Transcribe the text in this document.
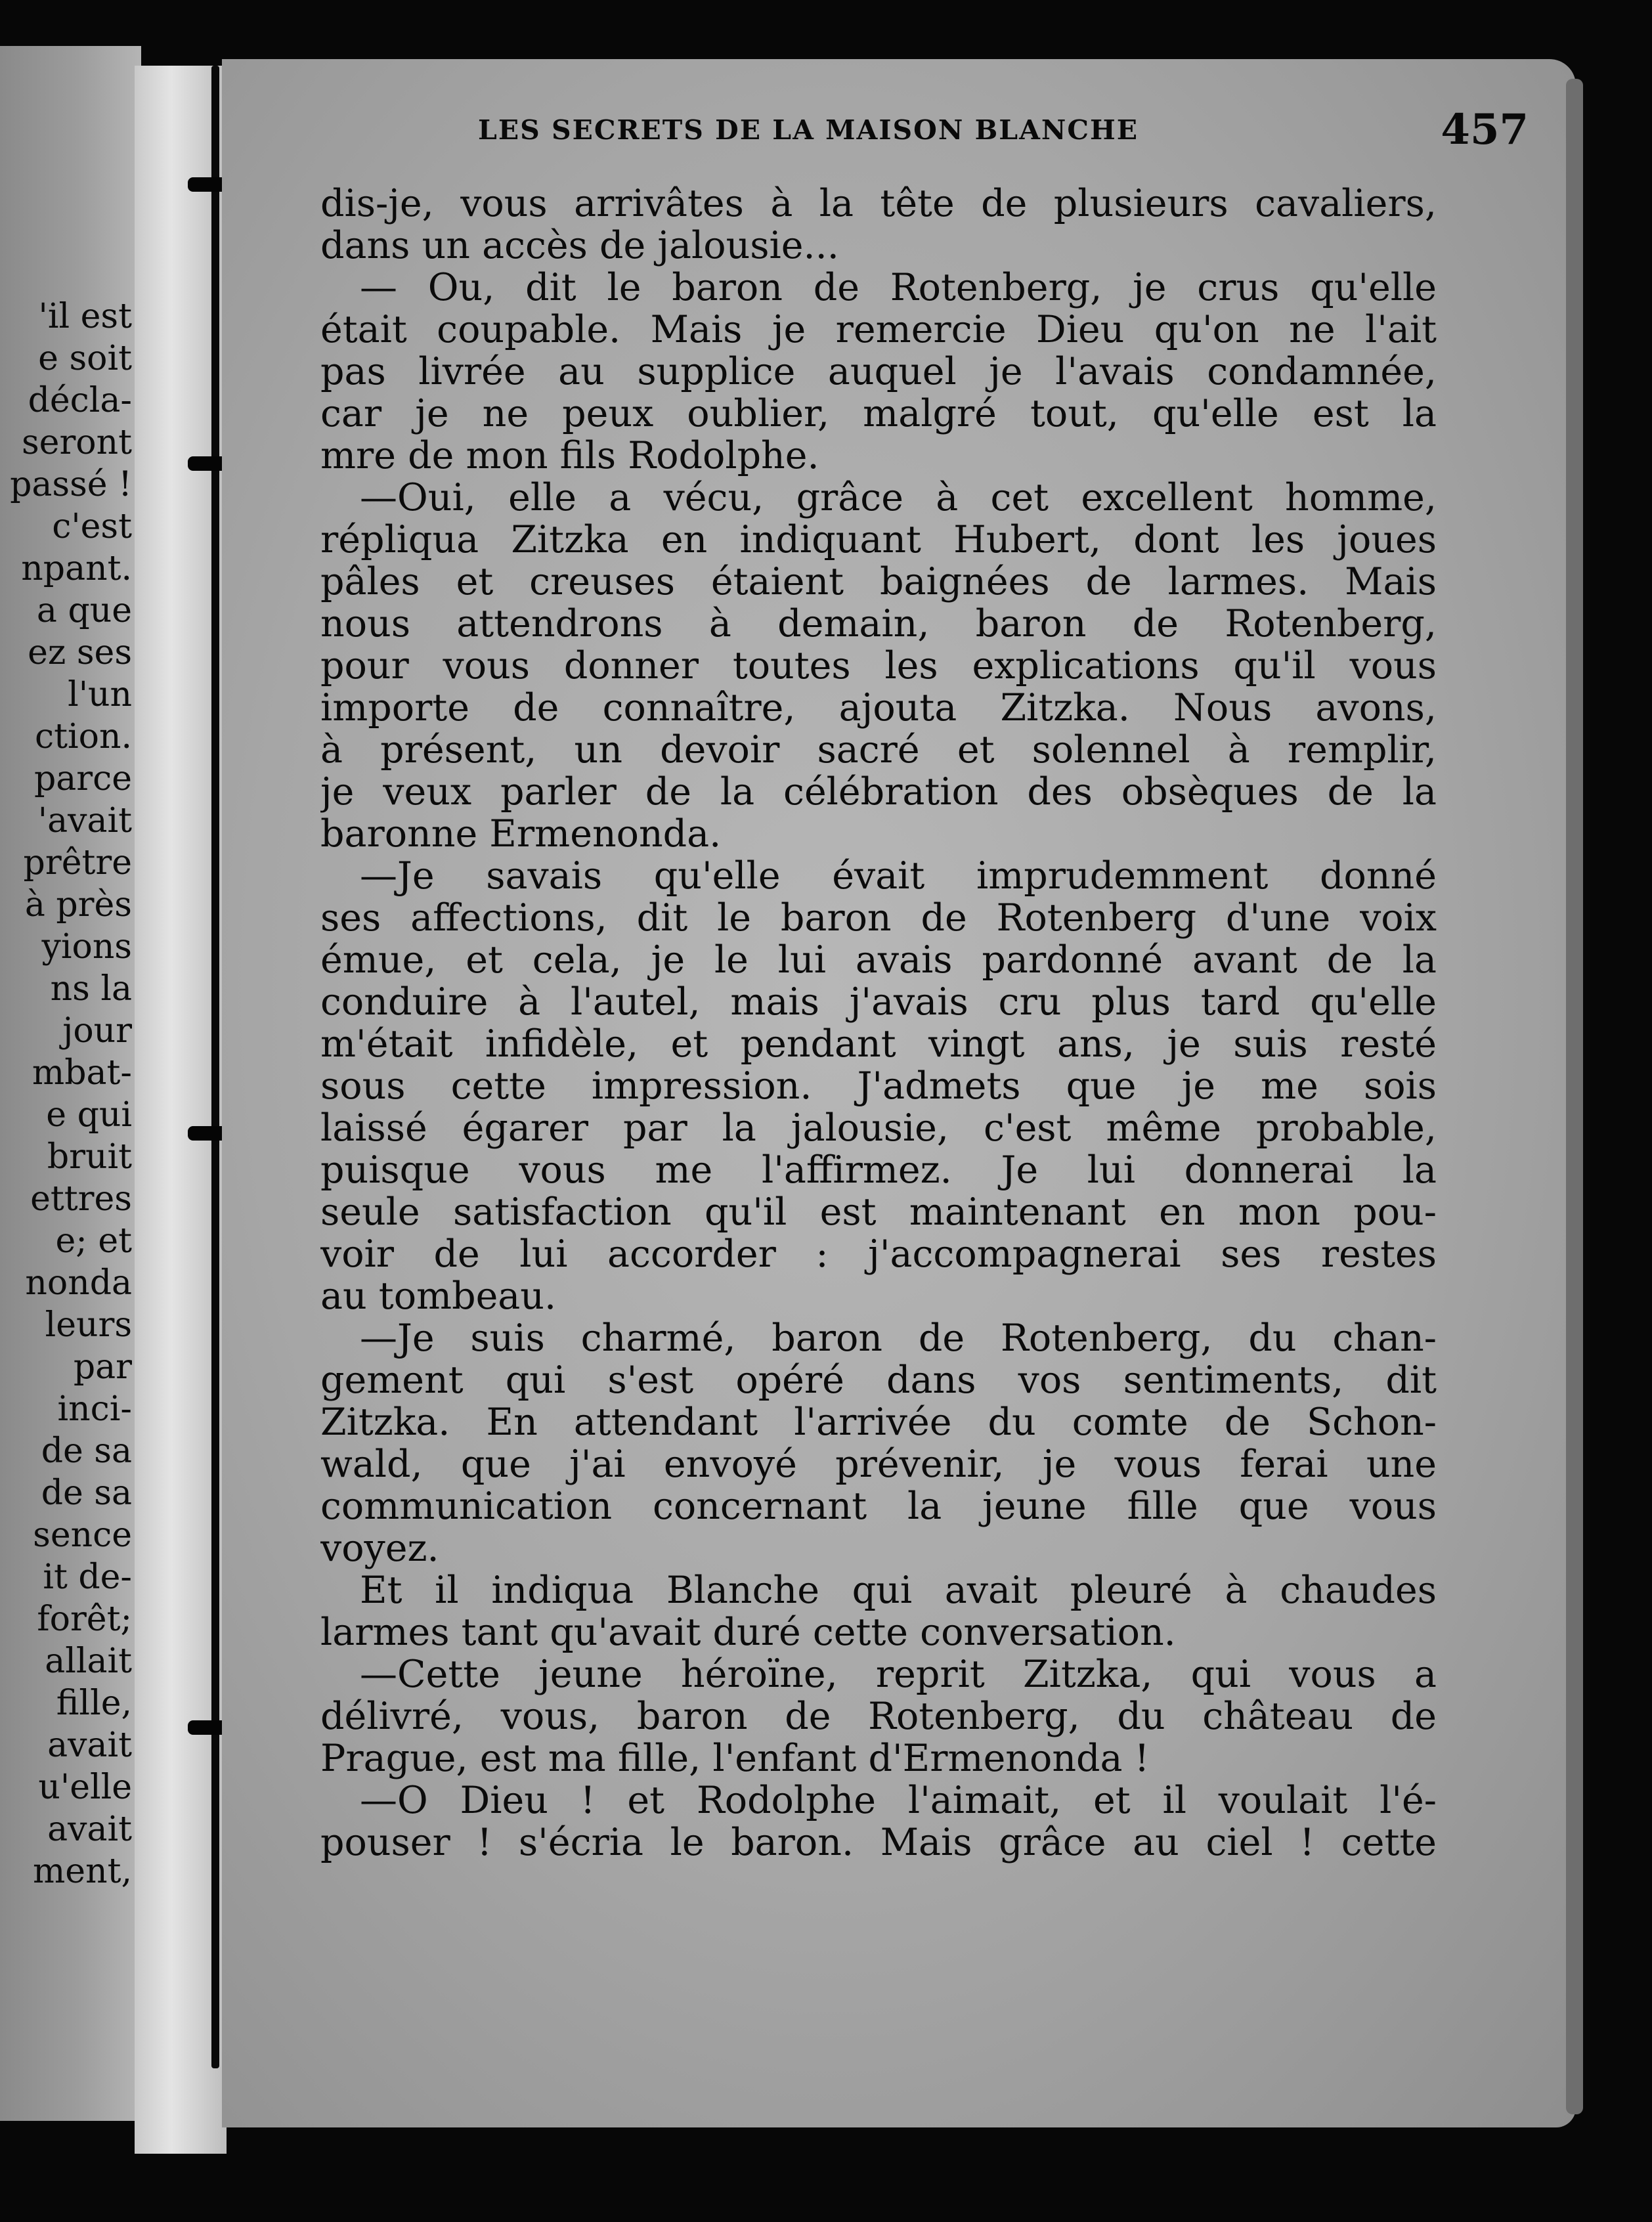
'il est
e soit
décla-
seront
passé !
c'est
npant.
a que
ez ses
l'un
ction.
parce
'avait
prêtre
à près
yions
ns la
jour
mbat-
e qui
bruit
ettres
e; et
nonda
leurs
par
inci-
de sa
de sa
sence
it de-
forêt;
allait
fille,
avait
u'elle
avait
ment,
LES SECRETS DE LA MAISON BLANCHE	457

dis-je, vous arrivâtes à la tête de plusieurs cavaliers,

dans un accès de jalousie...

— Ou, dit le baron de Rotenberg, je crus qu'elle

était coupable. Mais je remercie Dieu qu'on ne l'ait

pas livrée au supplice auquel je l'avais condamnée,

car je ne peux oublier, malgré tout, qu'elle est la

mre de mon fils Rodolphe.

—Oui, elle a vécu, grâce à cet excellent homme,

répliqua Zitzka en indiquant Hubert, dont les joues

pâles et creuses étaient baignées de larmes. Mais

nous attendrons à demain, baron de Rotenberg,

pour vous donner toutes les explications qu'il vous

importe de connaître, ajouta Zitzka. Nous avons,

à présent, un devoir sacré et solennel à remplir,

je veux parler de la célébration des obsèques de la

baronne Ermenonda.

—Je savais qu'elle évait imprudemment donné

ses affections, dit le baron de Rotenberg d'une voix

émue, et cela, je le lui avais pardonné avant de la

conduire à l'autel, mais j'avais cru plus tard qu'elle

m'était infidèle, et pendant vingt ans, je suis resté

sous cette impression. J'admets que je me sois

laissé égarer par la jalousie, c'est même probable,

puisque vous me l'affirmez. Je lui donnerai la

seule satisfaction qu'il est maintenant en mon pou-

voir de lui accorder : j'accompagnerai ses restes

au tombeau.

—Je suis charmé, baron de Rotenberg, du chan-

gement qui s'est opéré dans vos sentiments, dit

Zitzka. En attendant l'arrivée du comte de Schon-

wald, que j'ai envoyé prévenir, je vous ferai une

communication concernant la jeune fille que vous

voyez.

Et il indiqua Blanche qui avait pleuré à chaudes

larmes tant qu'avait duré cette conversation.

—Cette jeune héroïne, reprit Zitzka, qui vous a

délivré, vous, baron de Rotenberg, du château de

Prague, est ma fille, l'enfant d'Ermenonda !

—O Dieu ! et Rodolphe l'aimait, et il voulait l'é-

pouser ! s'écria le baron. Mais grâce au ciel ! cette
